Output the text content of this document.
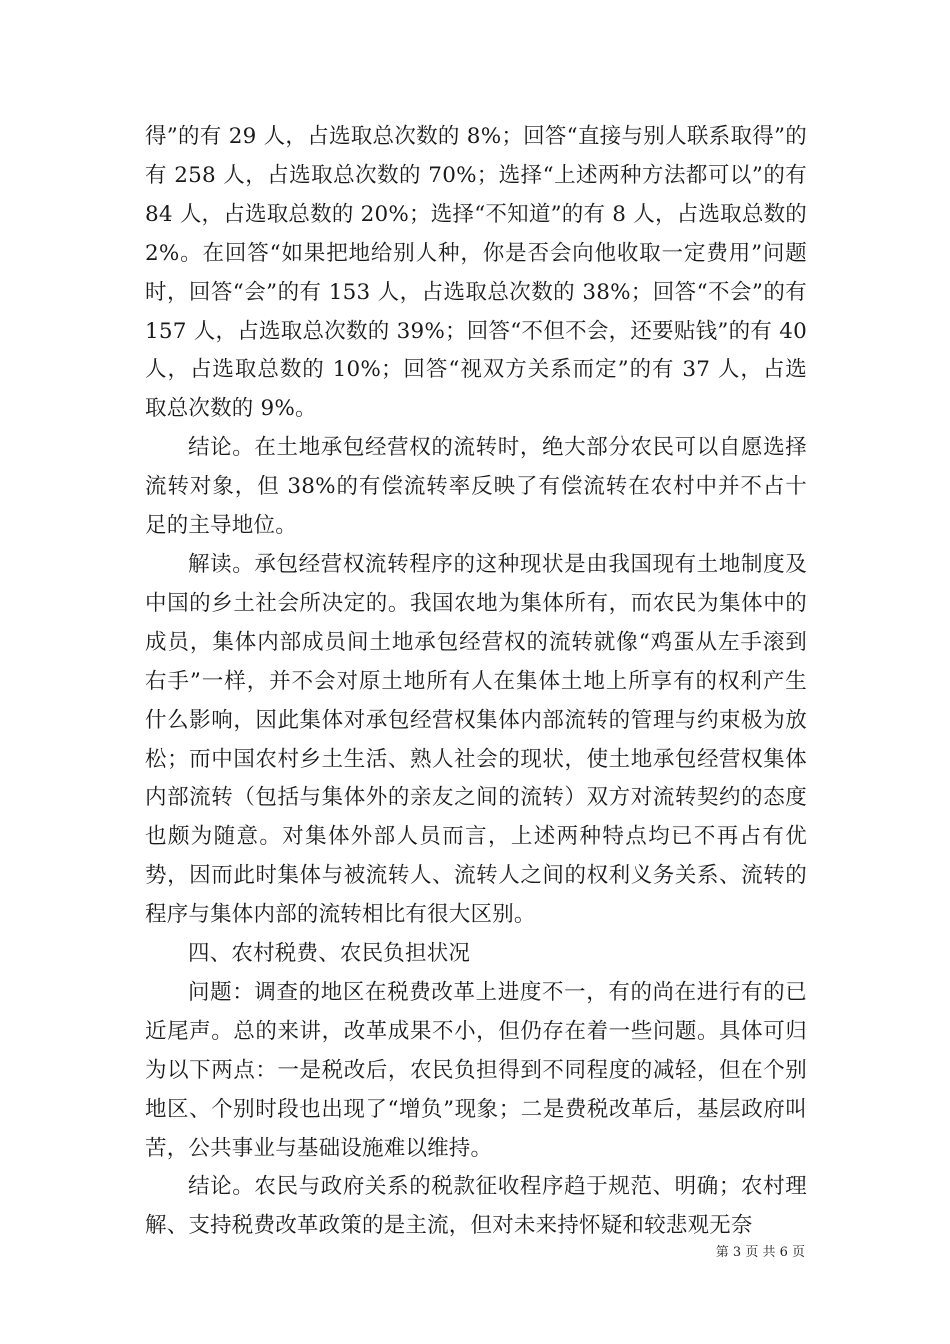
得”的有 29 人，占选取总次数的 8%；回答“直接与别人联系取得”的有 258 人，占选取总次数的 70%；选择“上述两种方法都可以”的有 84 人，占选取总数的 20%；选择“不知道”的有 8 人，占选取总数的 2%。在回答“如果把地给别人种，你是否会向他收取一定费用”问题时，回答“会”的有 153 人，占选取总次数的 38%；回答“不会”的有 157 人，占选取总次数的 39%；回答“不但不会，还要贴钱”的有 40 人，占选取总数的 10%；回答“视双方关系而定”的有 37 人，占选取总次数的 9%。

结论。在土地承包经营权的流转时，绝大部分农民可以自愿选择流转对象，但 38%的有偿流转率反映了有偿流转在农村中并不占十足的主导地位。

解读。承包经营权流转程序的这种现状是由我国现有土地制度及中国的乡土社会所决定的。我国农地为集体所有，而农民为集体中的成员，集体内部成员间土地承包经营权的流转就像“鸡蛋从左手滚到右手”一样，并不会对原土地所有人在集体土地上所享有的权利产生什么影响，因此集体对承包经营权集体内部流转的管理与约束极为放松；而中国农村乡土生活、熟人社会的现状，使土地承包经营权集体内部流转（包括与集体外的亲友之间的流转）双方对流转契约的态度也颇为随意。对集体外部人员而言，上述两种特点均已不再占有优势，因而此时集体与被流转人、流转人之间的权利义务关系、流转的程序与集体内部的流转相比有很大区别。

四、农村税费、农民负担状况

问题：调查的地区在税费改革上进度不一，有的尚在进行有的已近尾声。总的来讲，改革成果不小，但仍存在着一些问题。具体可归为以下两点：一是税改后，农民负担得到不同程度的减轻，但在个别地区、个别时段也出现了“增负”现象；二是费税改革后，基层政府叫苦，公共事业与基础设施难以维持。

结论。农民与政府关系的税款征收程序趋于规范、明确；农村理解、支持税费改革政策的是主流，但对未来持怀疑和较悲观无奈

第 3 页 共 6 页
